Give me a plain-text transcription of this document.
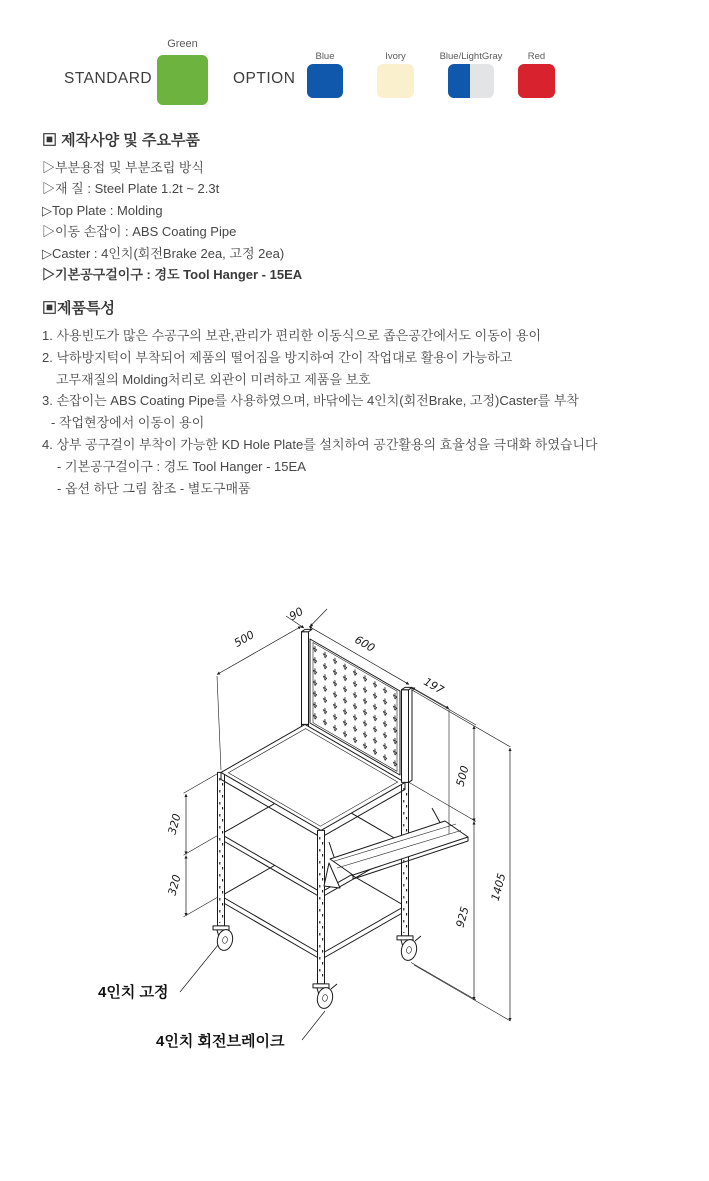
STANDARD
Green
OPTION
Blue	Ivory	Blue/LightGray	Red
▣ 제작사양 및 주요부품
▷부분용접 및 부분조립 방식
▷재 질 : Steel Plate 1.2t ~ 2.3t
▷Top Plate : Molding
▷이동 손잡이 : ABS Coating Pipe
▷Caster : 4인치(회전Brake 2ea, 고정 2ea)
▷기본공구걸이구 : 경도 Tool Hanger - 15EA
▣제품특성
1. 사용빈도가 많은 수공구의 보관,관리가 편리한 이동식으로 좁은공간에서도 이동이 용이
2. 낙하방지턱이 부착되어 제품의 떨어짐을 방지하여 간이 작업대로 활용이 가능하고
고무재질의 Molding처리로 외관이 미려하고 제품을 보호
3. 손잡이는 ABS Coating Pipe를 사용하였으며, 바닦에는 4인치(회전Brake, 고정)Caster를 부착
- 작업현장에서 이동이 용이
4. 상부 공구걸이 부착이 가능한 KD Hole Plate를 설치하여 공간활용의 효율성을 극대화 하였습니다
- 기본공구걸이구 : 경도 Tool Hanger - 15EA
- 옵션 하단 그림 참조 - 별도구매품
90
500	600
197
500
925
1405
320
320
4인치 고정
4인치 회전브레이크
